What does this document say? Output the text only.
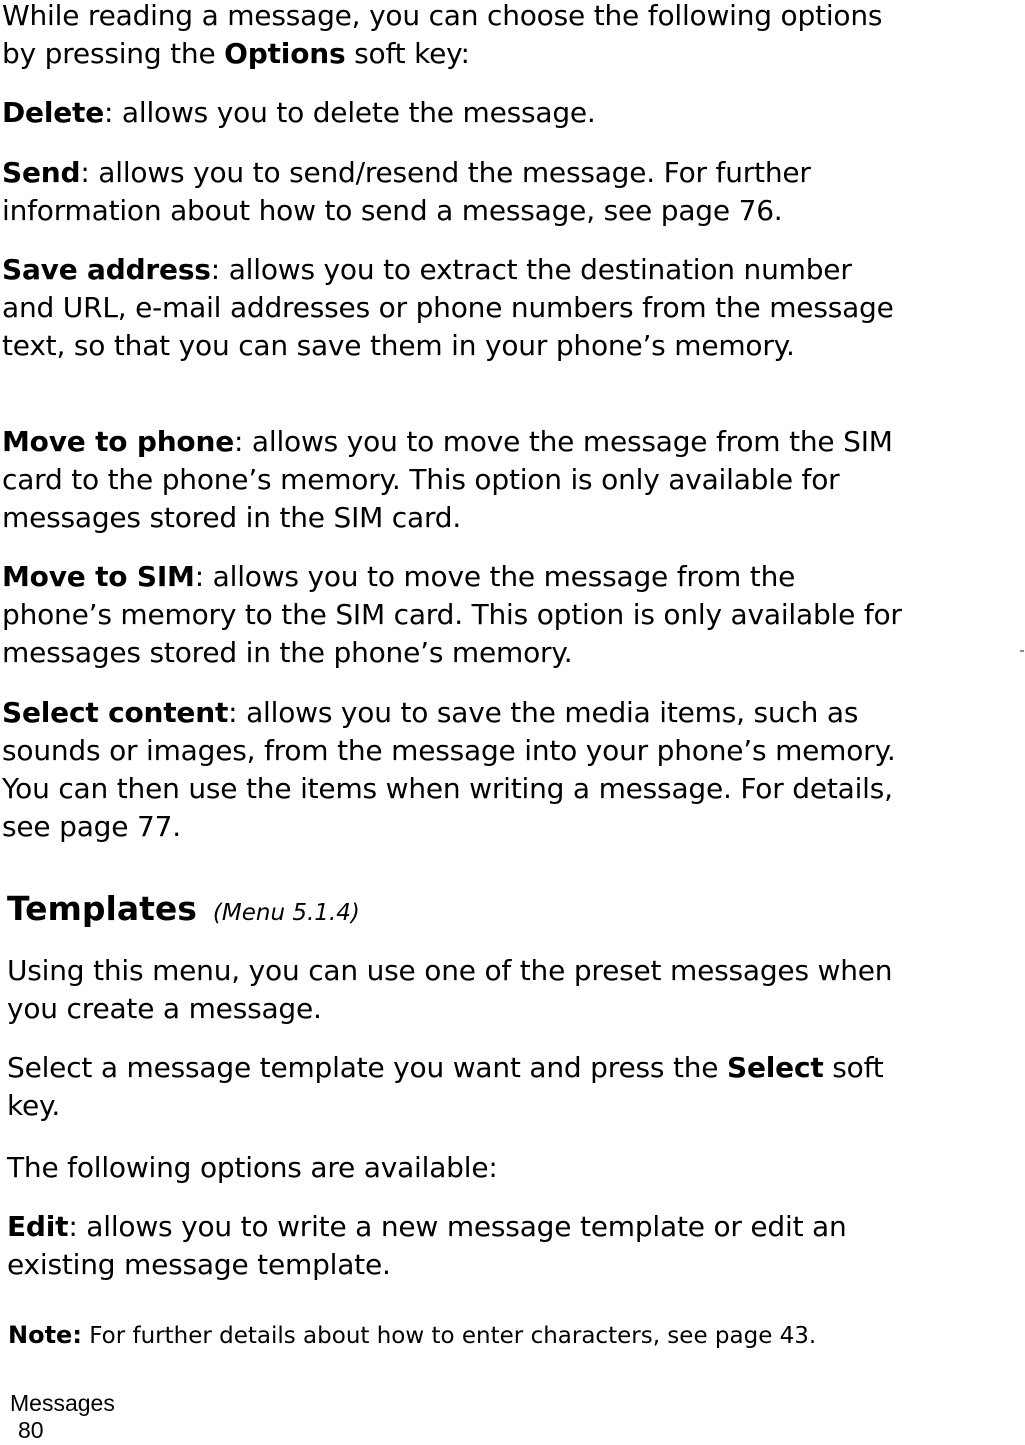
While reading a message, you can choose the following options by pressing the Options soft key:

Delete: allows you to delete the message.

Send: allows you to send/resend the message. For further information about how to send a message, see page 76.

Save address: allows you to extract the destination number and URL, e-mail addresses or phone numbers from the message text, so that you can save them in your phone’s memory.

Move to phone: allows you to move the message from the SIM card to the phone’s memory. This option is only available for messages stored in the SIM card.

Move to SIM: allows you to move the message from the phone’s memory to the SIM card. This option is only available for messages stored in the phone’s memory.

Select content: allows you to save the media items, such as sounds or images, from the message into your phone’s memory. You can then use the items when writing a message. For details, see page 77.

Templates (Menu 5.1.4)

Using this menu, you can use one of the preset messages when you create a message.

Select a message template you want and press the Select soft key.

The following options are available:

Edit: allows you to write a new message template or edit an existing message template.

Note: For further details about how to enter characters, see page 43.

Messages
80
